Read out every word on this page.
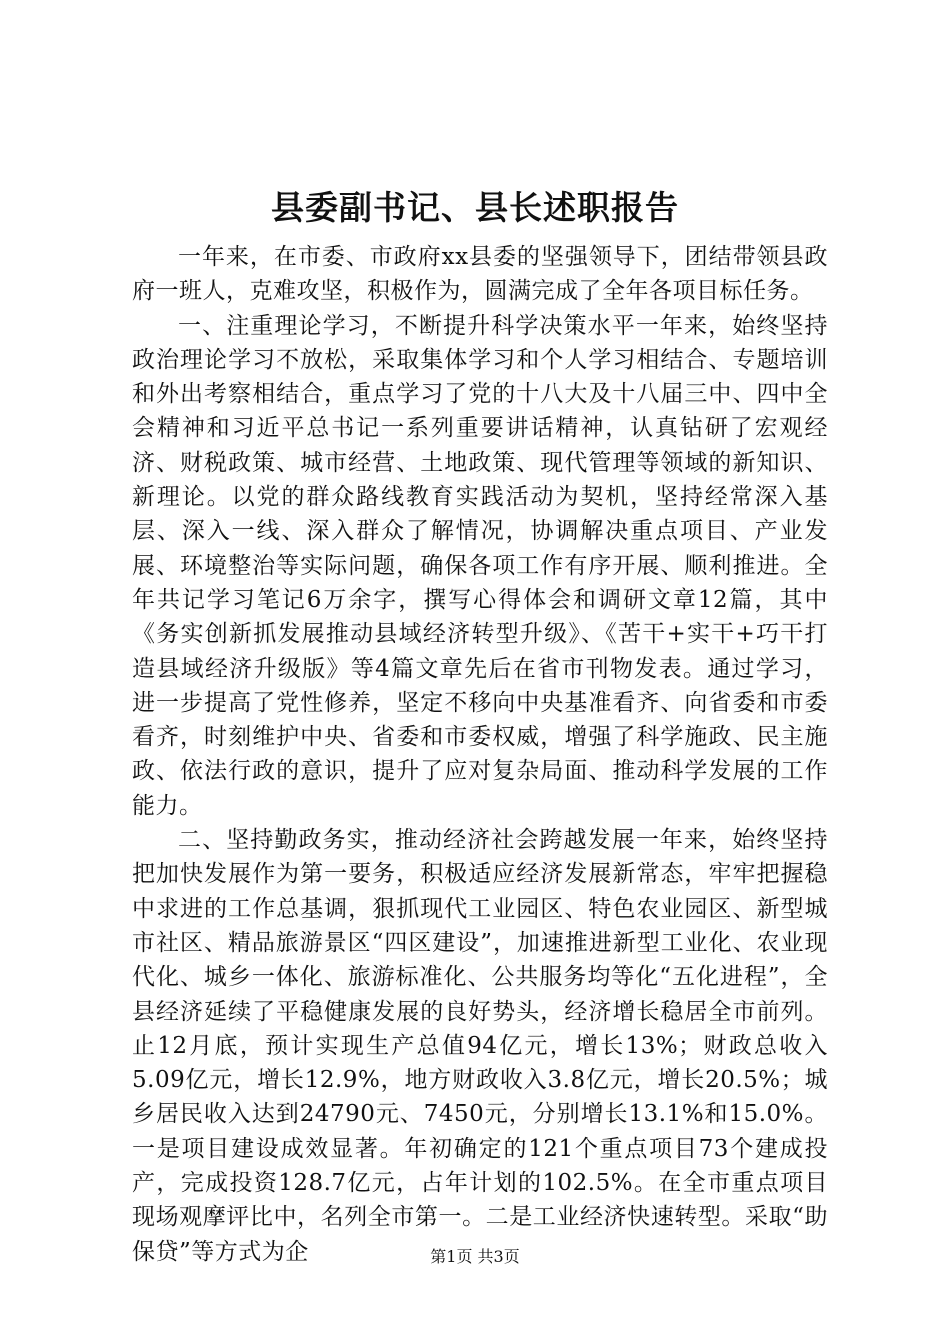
县委副书记、县长述职报告

一年来，在市委、市政府xx县委的坚强领导下，团结带领县政府一班人，克难攻坚，积极作为，圆满完成了全年各项目标任务。

一、注重理论学习，不断提升科学决策水平一年来，始终坚持政治理论学习不放松，采取集体学习和个人学习相结合、专题培训和外出考察相结合，重点学习了党的十八大及十八届三中、四中全会精神和习近平总书记一系列重要讲话精神，认真钻研了宏观经济、财税政策、城市经营、土地政策、现代管理等领域的新知识、新理论。以党的群众路线教育实践活动为契机，坚持经常深入基层、深入一线、深入群众了解情况，协调解决重点项目、产业发展、环境整治等实际问题，确保各项工作有序开展、顺利推进。全年共记学习笔记6万余字，撰写心得体会和调研文章12篇，其中《务实创新抓发展推动县域经济转型升级》、《苦干+实干+巧干打造县域经济升级版》等4篇文章先后在省市刊物发表。通过学习，进一步提高了党性修养，坚定不移向中央基准看齐、向省委和市委看齐，时刻维护中央、省委和市委权威，增强了科学施政、民主施政、依法行政的意识，提升了应对复杂局面、推动科学发展的工作能力。

二、坚持勤政务实，推动经济社会跨越发展一年来，始终坚持把加快发展作为第一要务，积极适应经济发展新常态，牢牢把握稳中求进的工作总基调，狠抓现代工业园区、特色农业园区、新型城市社区、精品旅游景区“四区建设”，加速推进新型工业化、农业现代化、城乡一体化、旅游标准化、公共服务均等化“五化进程”，全县经济延续了平稳健康发展的良好势头，经济增长稳居全市前列。止12月底，预计实现生产总值94亿元，增长13%；财政总收入5.09亿元，增长12.9%，地方财政收入3.8亿元，增长20.5%；城乡居民收入达到24790元、7450元，分别增长13.1%和15.0%。一是项目建设成效显著。年初确定的121个重点项目73个建成投产，完成投资128.7亿元，占年计划的102.5%。在全市重点项目现场观摩评比中，名列全市第一。二是工业经济快速转型。采取“助保贷”等方式为企	第1页 共3页
